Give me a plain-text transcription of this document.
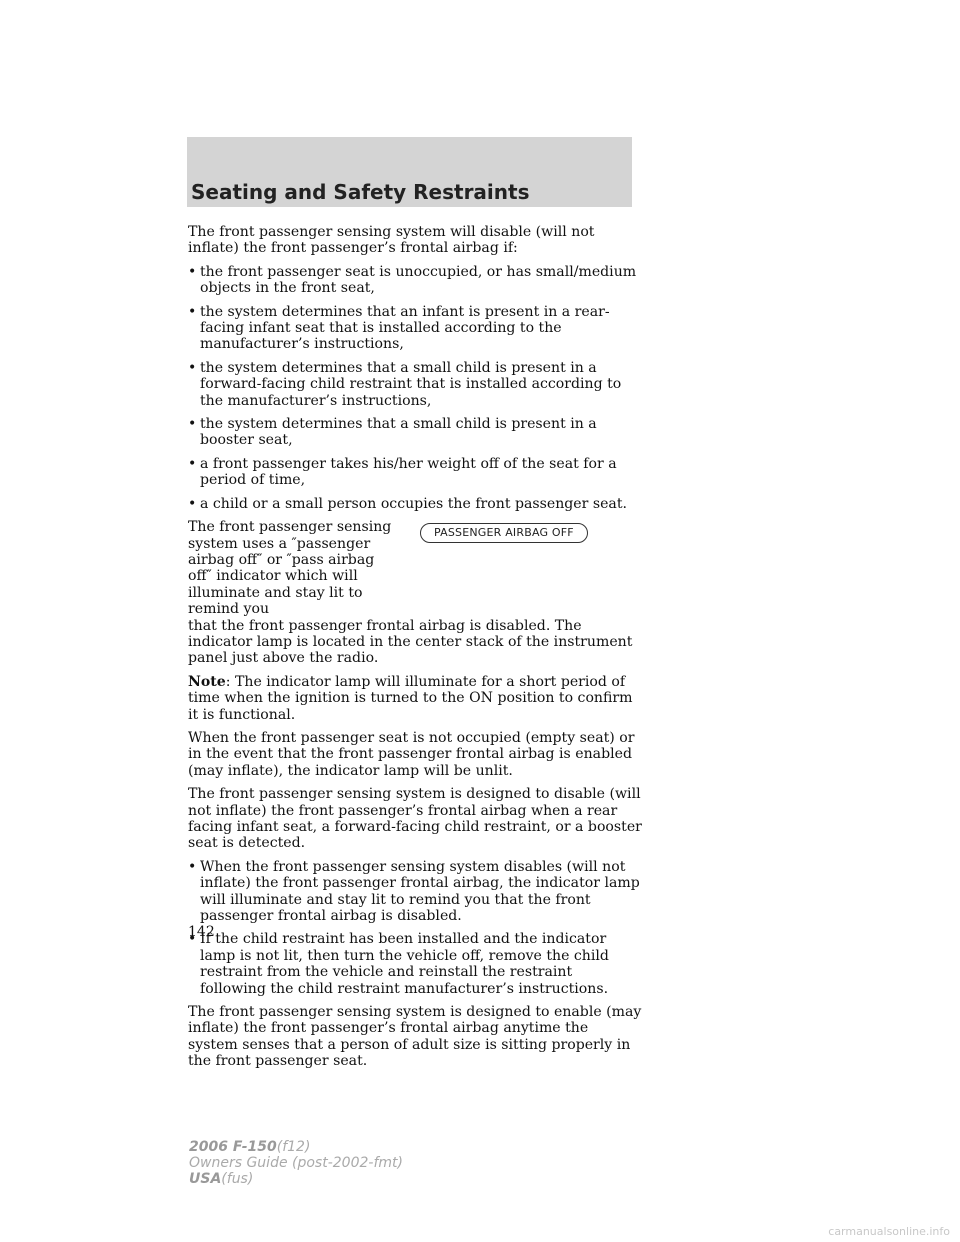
Seating and Safety Restraints

The front passenger sensing system will disable (will not inflate) the front passenger’s frontal airbag if:

• the front passenger seat is unoccupied, or has small/medium objects in the front seat,
• the system determines that an infant is present in a rear-facing infant seat that is installed according to the manufacturer’s instructions,
• the system determines that a small child is present in a forward-facing child restraint that is installed according to the manufacturer’s instructions,
• the system determines that a small child is present in a booster seat,
• a front passenger takes his/her weight off of the seat for a period of time,
• a child or a small person occupies the front passenger seat.
The front passenger sensing system uses a ″passenger airbag off″ or ″pass airbag off″ indicator which will illuminate and stay lit to remind you
PASSENGER AIRBAG OFF

that the front passenger frontal airbag is disabled. The indicator lamp is located in the center stack of the instrument panel just above the radio.

Note: The indicator lamp will illuminate for a short period of time when the ignition is turned to the ON position to confirm it is functional.

When the front passenger seat is not occupied (empty seat) or in the event that the front passenger frontal airbag is enabled (may inflate), the indicator lamp will be unlit.

The front passenger sensing system is designed to disable (will not inflate) the front passenger’s frontal airbag when a rear facing infant seat, a forward-facing child restraint, or a booster seat is detected.

• When the front passenger sensing system disables (will not inflate) the front passenger frontal airbag, the indicator lamp will illuminate and stay lit to remind you that the front passenger frontal airbag is disabled.
• If the child restraint has been installed and the indicator lamp is not lit, then turn the vehicle off, remove the child restraint from the vehicle and reinstall the restraint following the child restraint manufacturer’s instructions.

The front passenger sensing system is designed to enable (may inflate) the front passenger’s frontal airbag anytime the system senses that a person of adult size is sitting properly in the front passenger seat.

142

2006 F-150(f12)
Owners Guide (post-2002-fmt)
USA(fus)
carmanualsonline.info
